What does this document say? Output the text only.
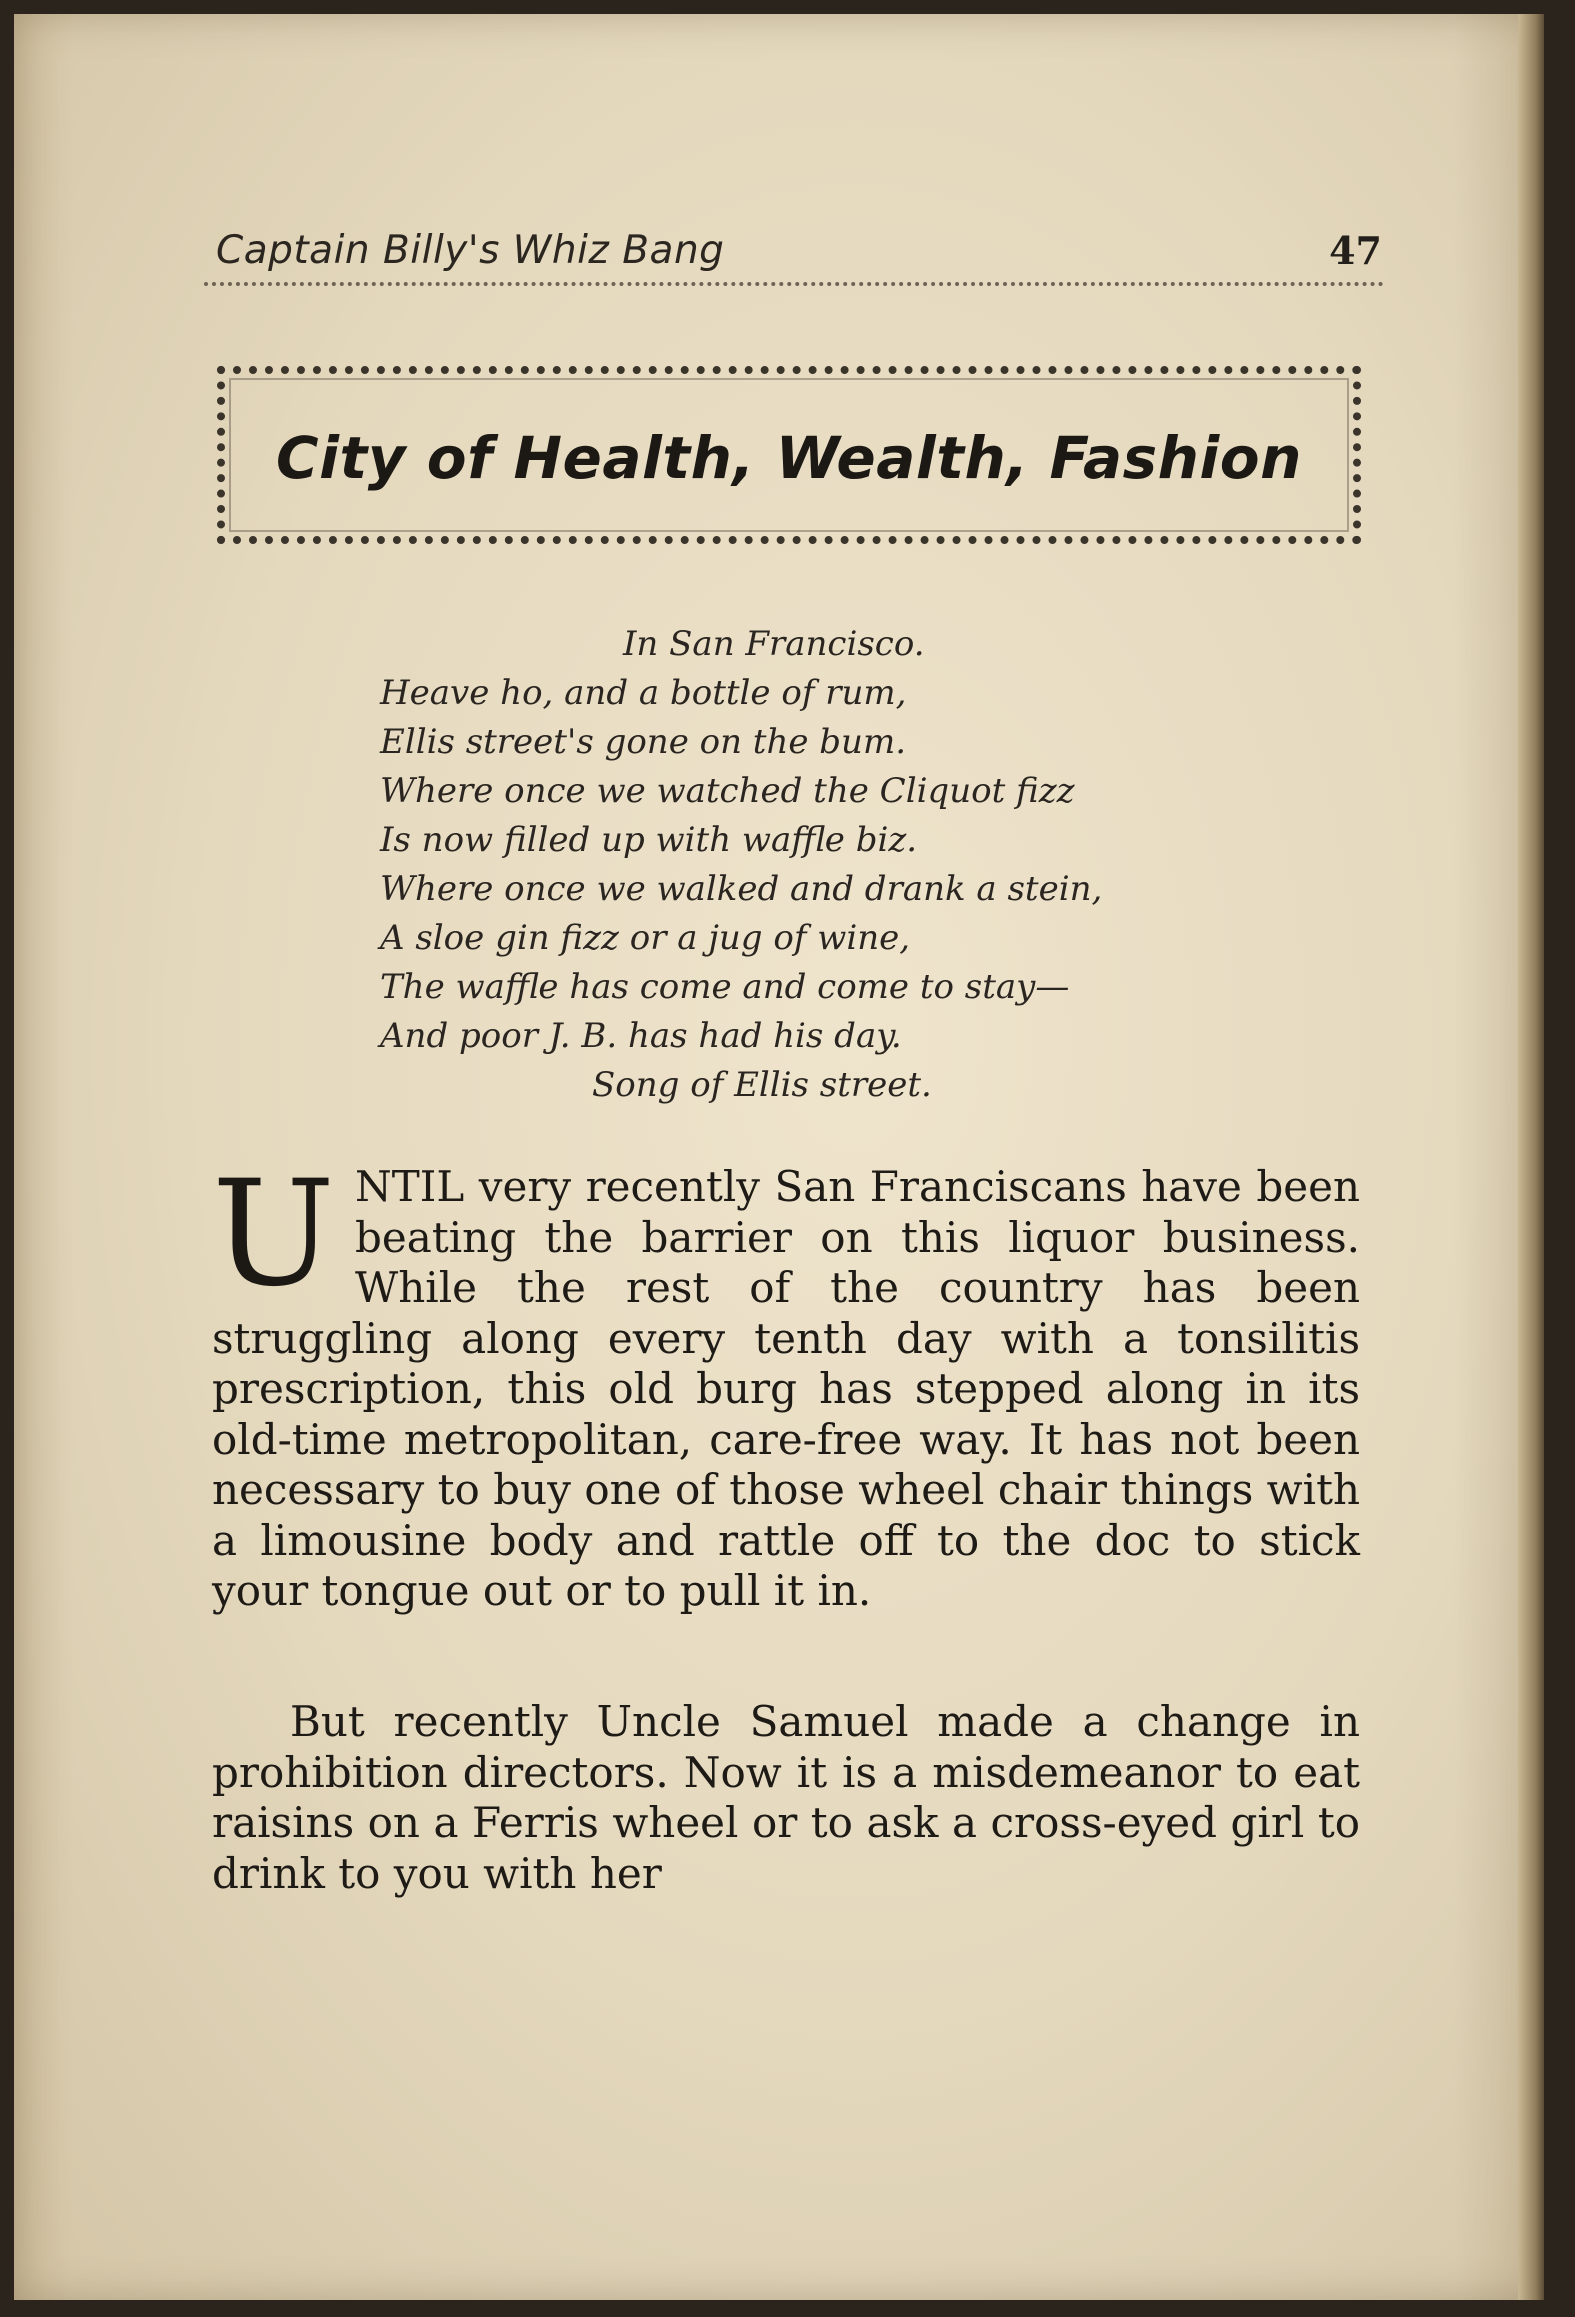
Captain Billy's Whiz Bang	47
City of Health, Wealth, Fashion
In San Francisco.
Heave ho, and a bottle of rum,
Ellis street's gone on the bum.
Where once we watched the Cliquot fizz
Is now filled up with waffle biz.
Where once we walked and drank a stein,
A sloe gin fizz or a jug of wine,
The waffle has come and come to stay—
And poor J. B. has had his day.
Song of Ellis street.
UNTIL very recently San Franciscans have been beating the barrier on this liquor business. While the rest of the country has been struggling along every tenth day with a tonsilitis prescription, this old burg has stepped along in its old-time metropolitan, care-free way. It has not been necessary to buy one of those wheel chair things with a limousine body and rattle off to the doc to stick your tongue out or to pull it in.
But recently Uncle Samuel made a change in prohibition directors. Now it is a misdemeanor to eat raisins on a Ferris wheel or to ask a cross-eyed girl to drink to you with her
